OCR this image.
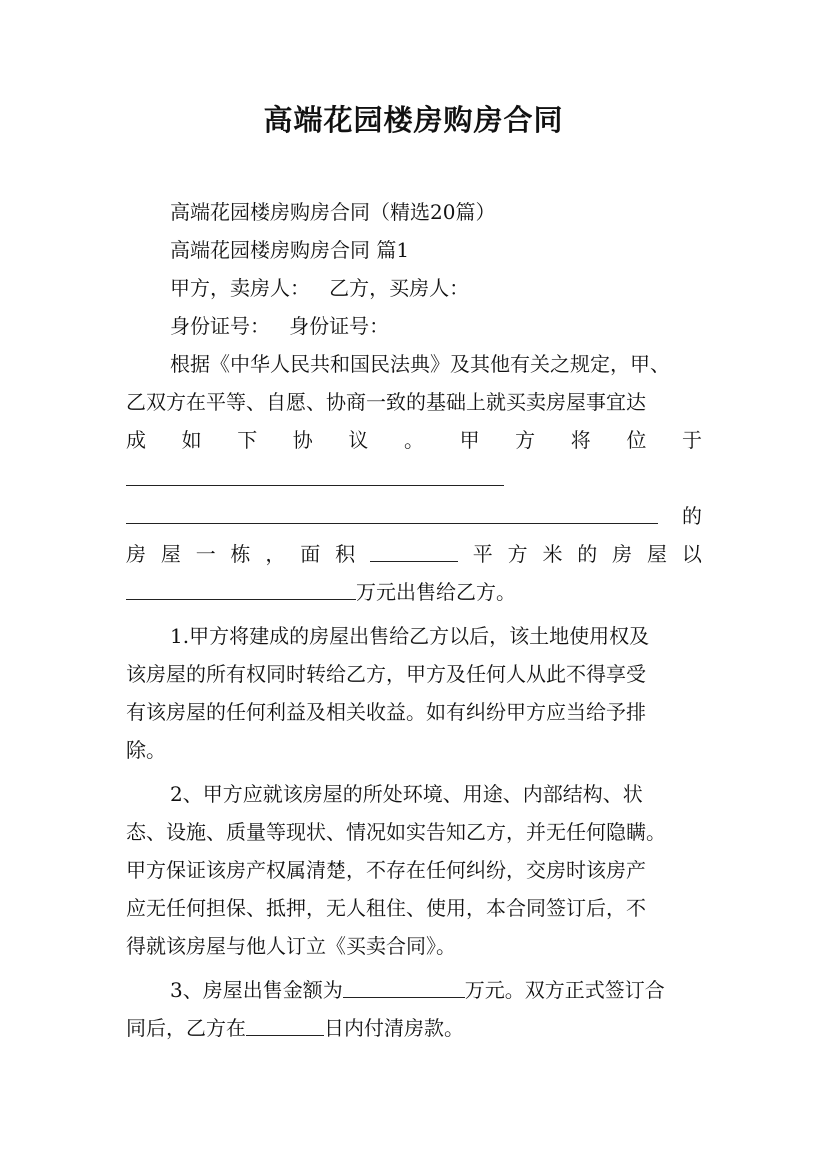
高端花园楼房购房合同
高端花园楼房购房合同（精选20篇）
高端花园楼房购房合同 篇1
甲方，卖房人：   乙方，买房人：
身份证号：   身份证号：
根据《中华人民共和国民法典》及其他有关之规定，甲、
乙双方在平等、自愿、协商一致的基础上就买卖房屋事宜达
成 如 下 协 议 。 甲 方 将 位 于
的
房 屋 一 栋 ， 面 积	平 方 米 的 房 屋 以
万元出售给乙方。
1.甲方将建成的房屋出售给乙方以后，该土地使用权及
该房屋的所有权同时转给乙方，甲方及任何人从此不得享受
有该房屋的任何利益及相关收益。如有纠纷甲方应当给予排
除。
2、甲方应就该房屋的所处环境、用途、内部结构、状
态、设施、质量等现状、情况如实告知乙方，并无任何隐瞒。
甲方保证该房产权属清楚，不存在任何纠纷，交房时该房产
应无任何担保、抵押，无人租住、使用，本合同签订后，不
得就该房屋与他人订立《买卖合同》。
3、房屋出售金额为	万元。双方正式签订合
同后，乙方在	日内付清房款。
